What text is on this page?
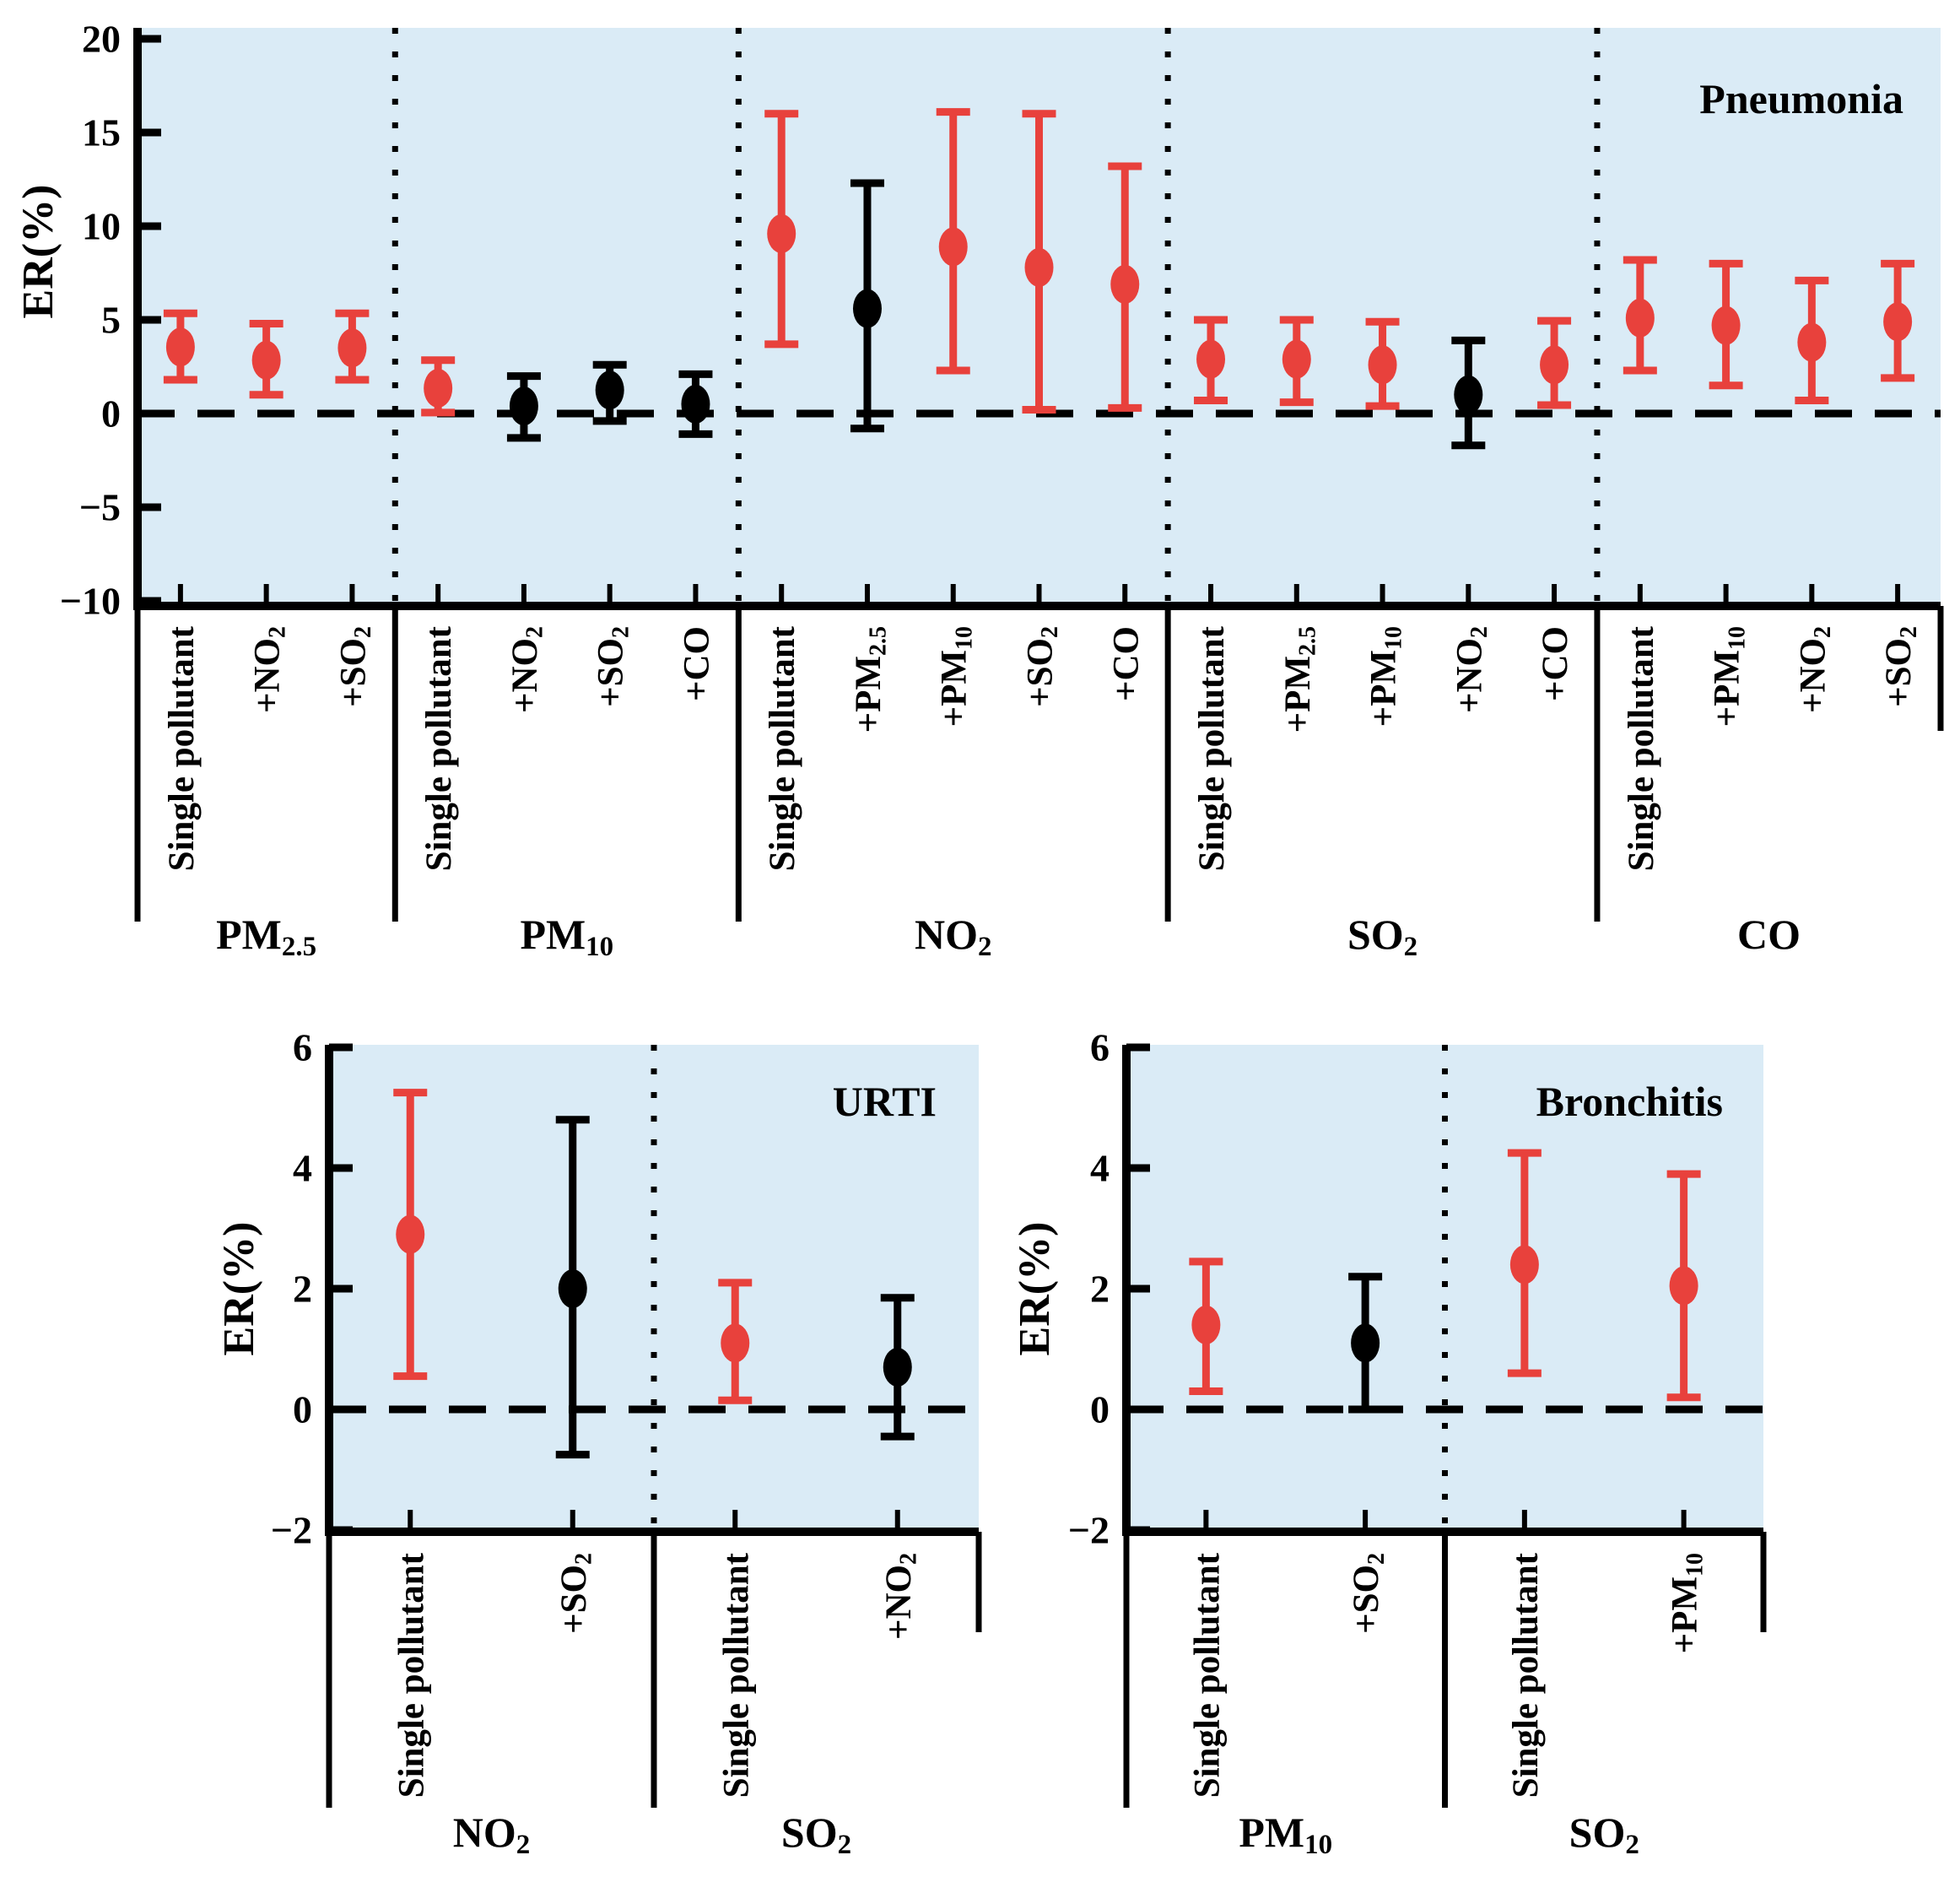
20
15
10
5
0
−5
−10
Pneumonia
ER(%)
Single pollutant +NO2
+SO2 Single pollutant +NO2
+SO2 +CO Single pollutant +PM2.5
+PM10 +SO2 +CO Single pollutant +PM2.5
+PM10 +NO2 +CO Single pollutant +PM10 +NO2
+SO2
PM2.5	PM10	NO2	SO2	CO
6
4
2
0
−2
URTI
ER(%)
Single pollutant	+SO2	Single pollutant	+NO2
NO2	SO2
6
4
2
0
−2
Bronchitis
ER(%)
Single pollutant	+SO2	Single pollutant	+PM10
PM10	SO2
